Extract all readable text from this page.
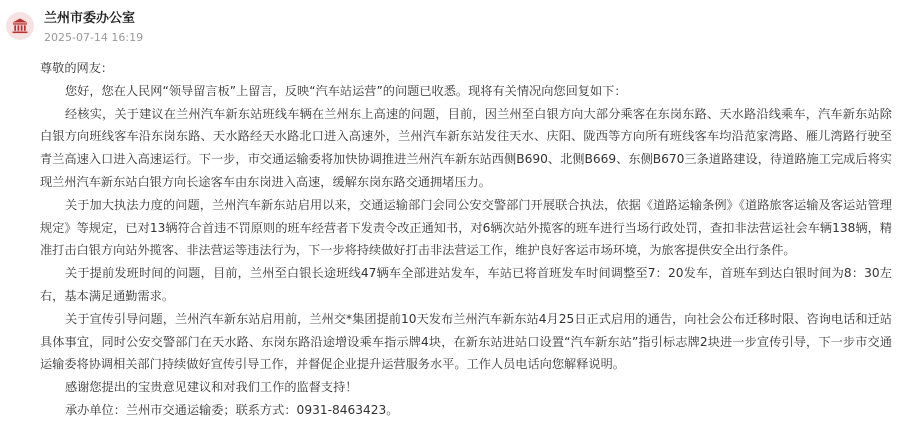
兰州市委办公室
2025-07-14 16:19

尊敬的网友：

您好，您在人民网“领导留言板”上留言，反映“汽车站运营”的问题已收悉。现将有关情况向您回复如下：

经核实，关于建议在兰州汽车新东站班线车辆在兰州东上高速的问题，目前，因兰州至白银方向大部分乘客在东岗东路、天水路沿线乘车，汽车新东站除白银方向班线客车沿东岗东路、天水路经天水路北口进入高速外，兰州汽车新东站发往天水、庆阳、陇西等方向所有班线客车均沿范家湾路、雁儿湾路行驶至青兰高速入口进入高速运行。下一步，市交通运输委将加快协调推进兰州汽车新东站西侧B690、北侧B669、东侧B670三条道路建设，待道路施工完成后将实现兰州汽车新东站白银方向长途客车由东岗进入高速，缓解东岗东路交通拥堵压力。

关于加大执法力度的问题，兰州汽车新东站启用以来，交通运输部门会同公安交警部门开展联合执法，依据《道路运输条例》《道路旅客运输及客运站管理规定》等规定，已对13辆符合首违不罚原则的班车经营者下发责令改正通知书，对6辆次站外揽客的班车进行当场行政处罚，查扣非法营运社会车辆138辆，精准打击白银方向站外揽客、非法营运等违法行为，下一步将持续做好打击非法营运工作，维护良好客运市场环境，为旅客提供安全出行条件。

关于提前发班时间的问题，目前，兰州至白银长途班线47辆车全部进站发车，车站已将首班发车时间调整至7：20发车，首班车到达白银时间为8：30左右，基本满足通勤需求。

关于宣传引导问题，兰州汽车新东站启用前，兰州交*集团提前10天发布兰州汽车新东站4月25日正式启用的通告，向社会公布迁移时限、咨询电话和迁站具体事宜，同时公安交警部门在天水路、东岗东路沿途增设乘车指示牌4块，在新东站进站口设置“汽车新东站”指引标志牌2块进一步宣传引导，下一步市交通运输委将协调相关部门持续做好宣传引导工作，并督促企业提升运营服务水平。工作人员电话向您解释说明。

感谢您提出的宝贵意见建议和对我们工作的监督支持！

承办单位：兰州市交通运输委；联系方式：0931-8463423。
